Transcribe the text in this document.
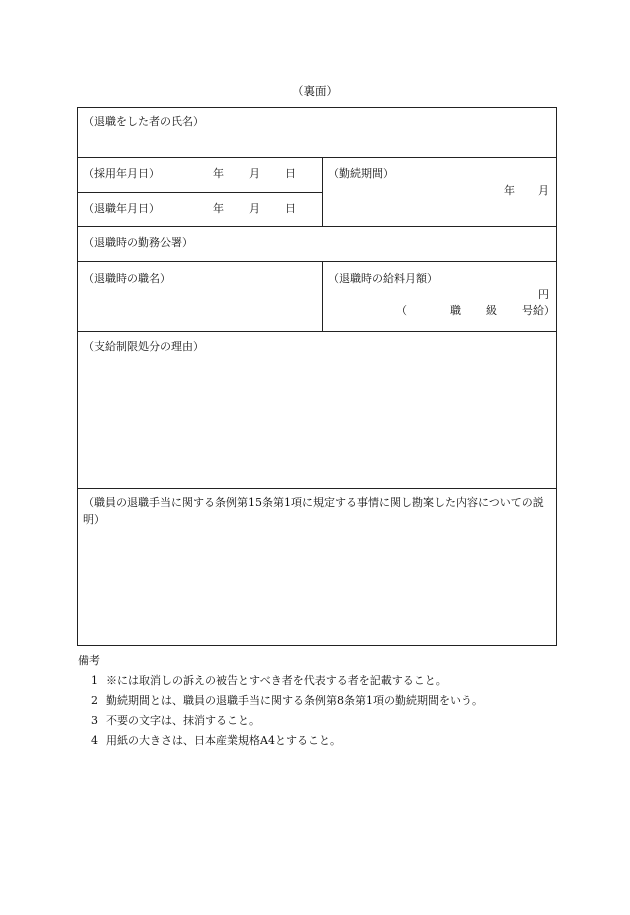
（裏面）
（退職をした者の氏名）
（採用年月日）	年 月 日
（退職年月日）	年 月 日
（勤続期間）
年 月
（退職時の勤務公署）
（退職時の職名）	（退職時の給料月額）
円
（	職 級 号給）
（支給制限処分の理由）
（職員の退職手当に関する条例第15条第1項に規定する事情に関し勘案した内容についての説明）
備考
1 ※には取消しの訴えの被告とすべき者を代表する者を記載すること。
2 勤続期間とは、職員の退職手当に関する条例第8条第1項の勤続期間をいう。
3 不要の文字は、抹消すること。
4 用紙の大きさは、日本産業規格A4とすること。
